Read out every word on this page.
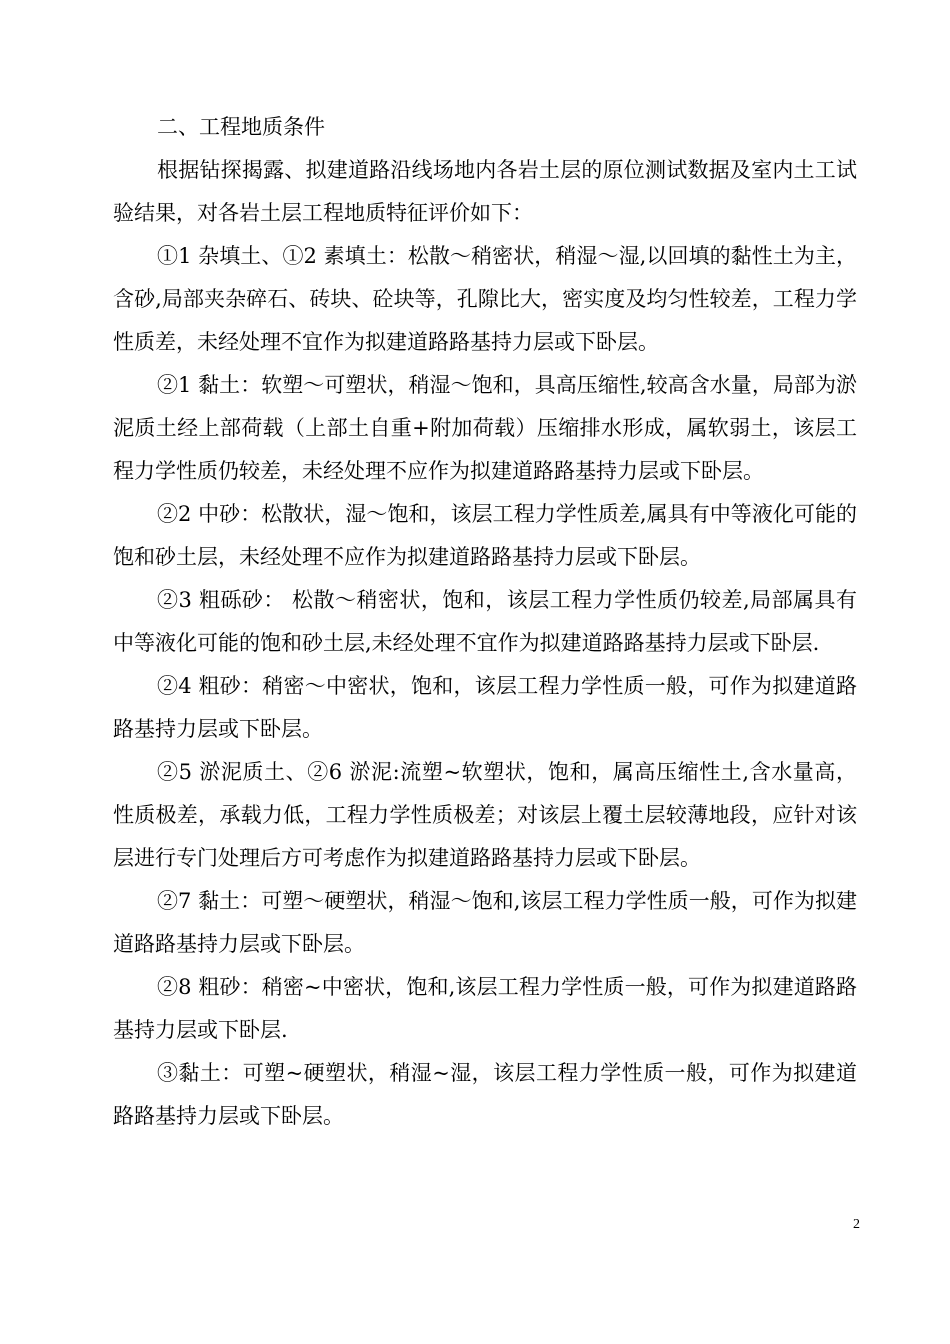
二、工程地质条件

根据钻探揭露、拟建道路沿线场地内各岩土层的原位测试数据及室内土工试验结果，对各岩土层工程地质特征评价如下：

①1 杂填土、①2 素填土：松散～稍密状，稍湿～湿,以回填的黏性土为主，含砂,局部夹杂碎石、砖块、砼块等，孔隙比大，密实度及均匀性较差，工程力学性质差，未经处理不宜作为拟建道路路基持力层或下卧层。

②1 黏土：软塑～可塑状，稍湿～饱和，具高压缩性,较高含水量，局部为淤泥质土经上部荷载（上部土自重+附加荷载）压缩排水形成，属软弱土，该层工程力学性质仍较差，未经处理不应作为拟建道路路基持力层或下卧层。

②2 中砂：松散状，湿～饱和，该层工程力学性质差,属具有中等液化可能的饱和砂土层，未经处理不应作为拟建道路路基持力层或下卧层。

②3 粗砾砂： 松散～稍密状，饱和，该层工程力学性质仍较差,局部属具有中等液化可能的饱和砂土层,未经处理不宜作为拟建道路路基持力层或下卧层.

②4 粗砂：稍密～中密状，饱和，该层工程力学性质一般，可作为拟建道路路基持力层或下卧层。

②5 淤泥质土、②6 淤泥:流塑~软塑状，饱和，属高压缩性土,含水量高，性质极差，承载力低，工程力学性质极差；对该层上覆土层较薄地段，应针对该层进行专门处理后方可考虑作为拟建道路路基持力层或下卧层。

②7 黏土：可塑～硬塑状，稍湿～饱和,该层工程力学性质一般，可作为拟建道路路基持力层或下卧层。

②8 粗砂：稍密~中密状，饱和,该层工程力学性质一般，可作为拟建道路路基持力层或下卧层.

③黏土：可塑~硬塑状，稍湿~湿，该层工程力学性质一般，可作为拟建道路路基持力层或下卧层。

2
